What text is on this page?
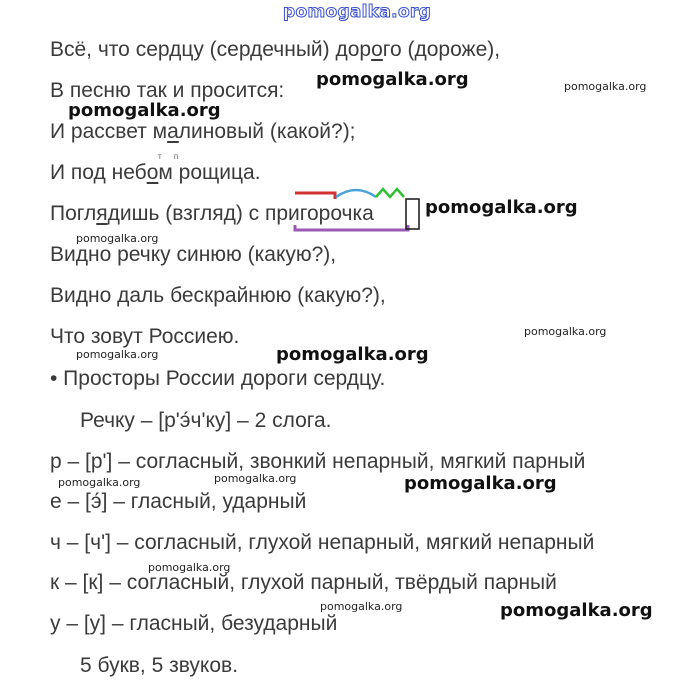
pomogalka.org
Всё, что сердцу (сердечный) дорого (дороже),
В песню так и просится:
И рассвет малиновый (какой?);
т п
И под небом рощица.
Поглядишь (взгляд) с пригорочка
Видно речку синюю (какую?),
Видно даль бескрайнюю (какую?),
Что зовут Россиею.
• Просторы России дороги сердцу.
Речку – [р'э́ч'ку] – 2 слога.
р – [р'] – согласный, звонкий непарный, мягкий парный
е – [э́] – гласный, ударный
ч – [ч'] – согласный, глухой непарный, мягкий непарный
к – [к] – согласный, глухой парный, твёрдый парный
у – [у] – гласный, безударный
5 букв, 5 звуков.
pomogalka.org	pomogalka.org
pomogalka.org
pomogalka.org
pomogalka.org
pomogalka.org
pomogalka.org	pomogalka.org
pomogalka.org	pomogalka.org	pomogalka.org
pomogalka.org
pomogalka.org	pomogalka.org
